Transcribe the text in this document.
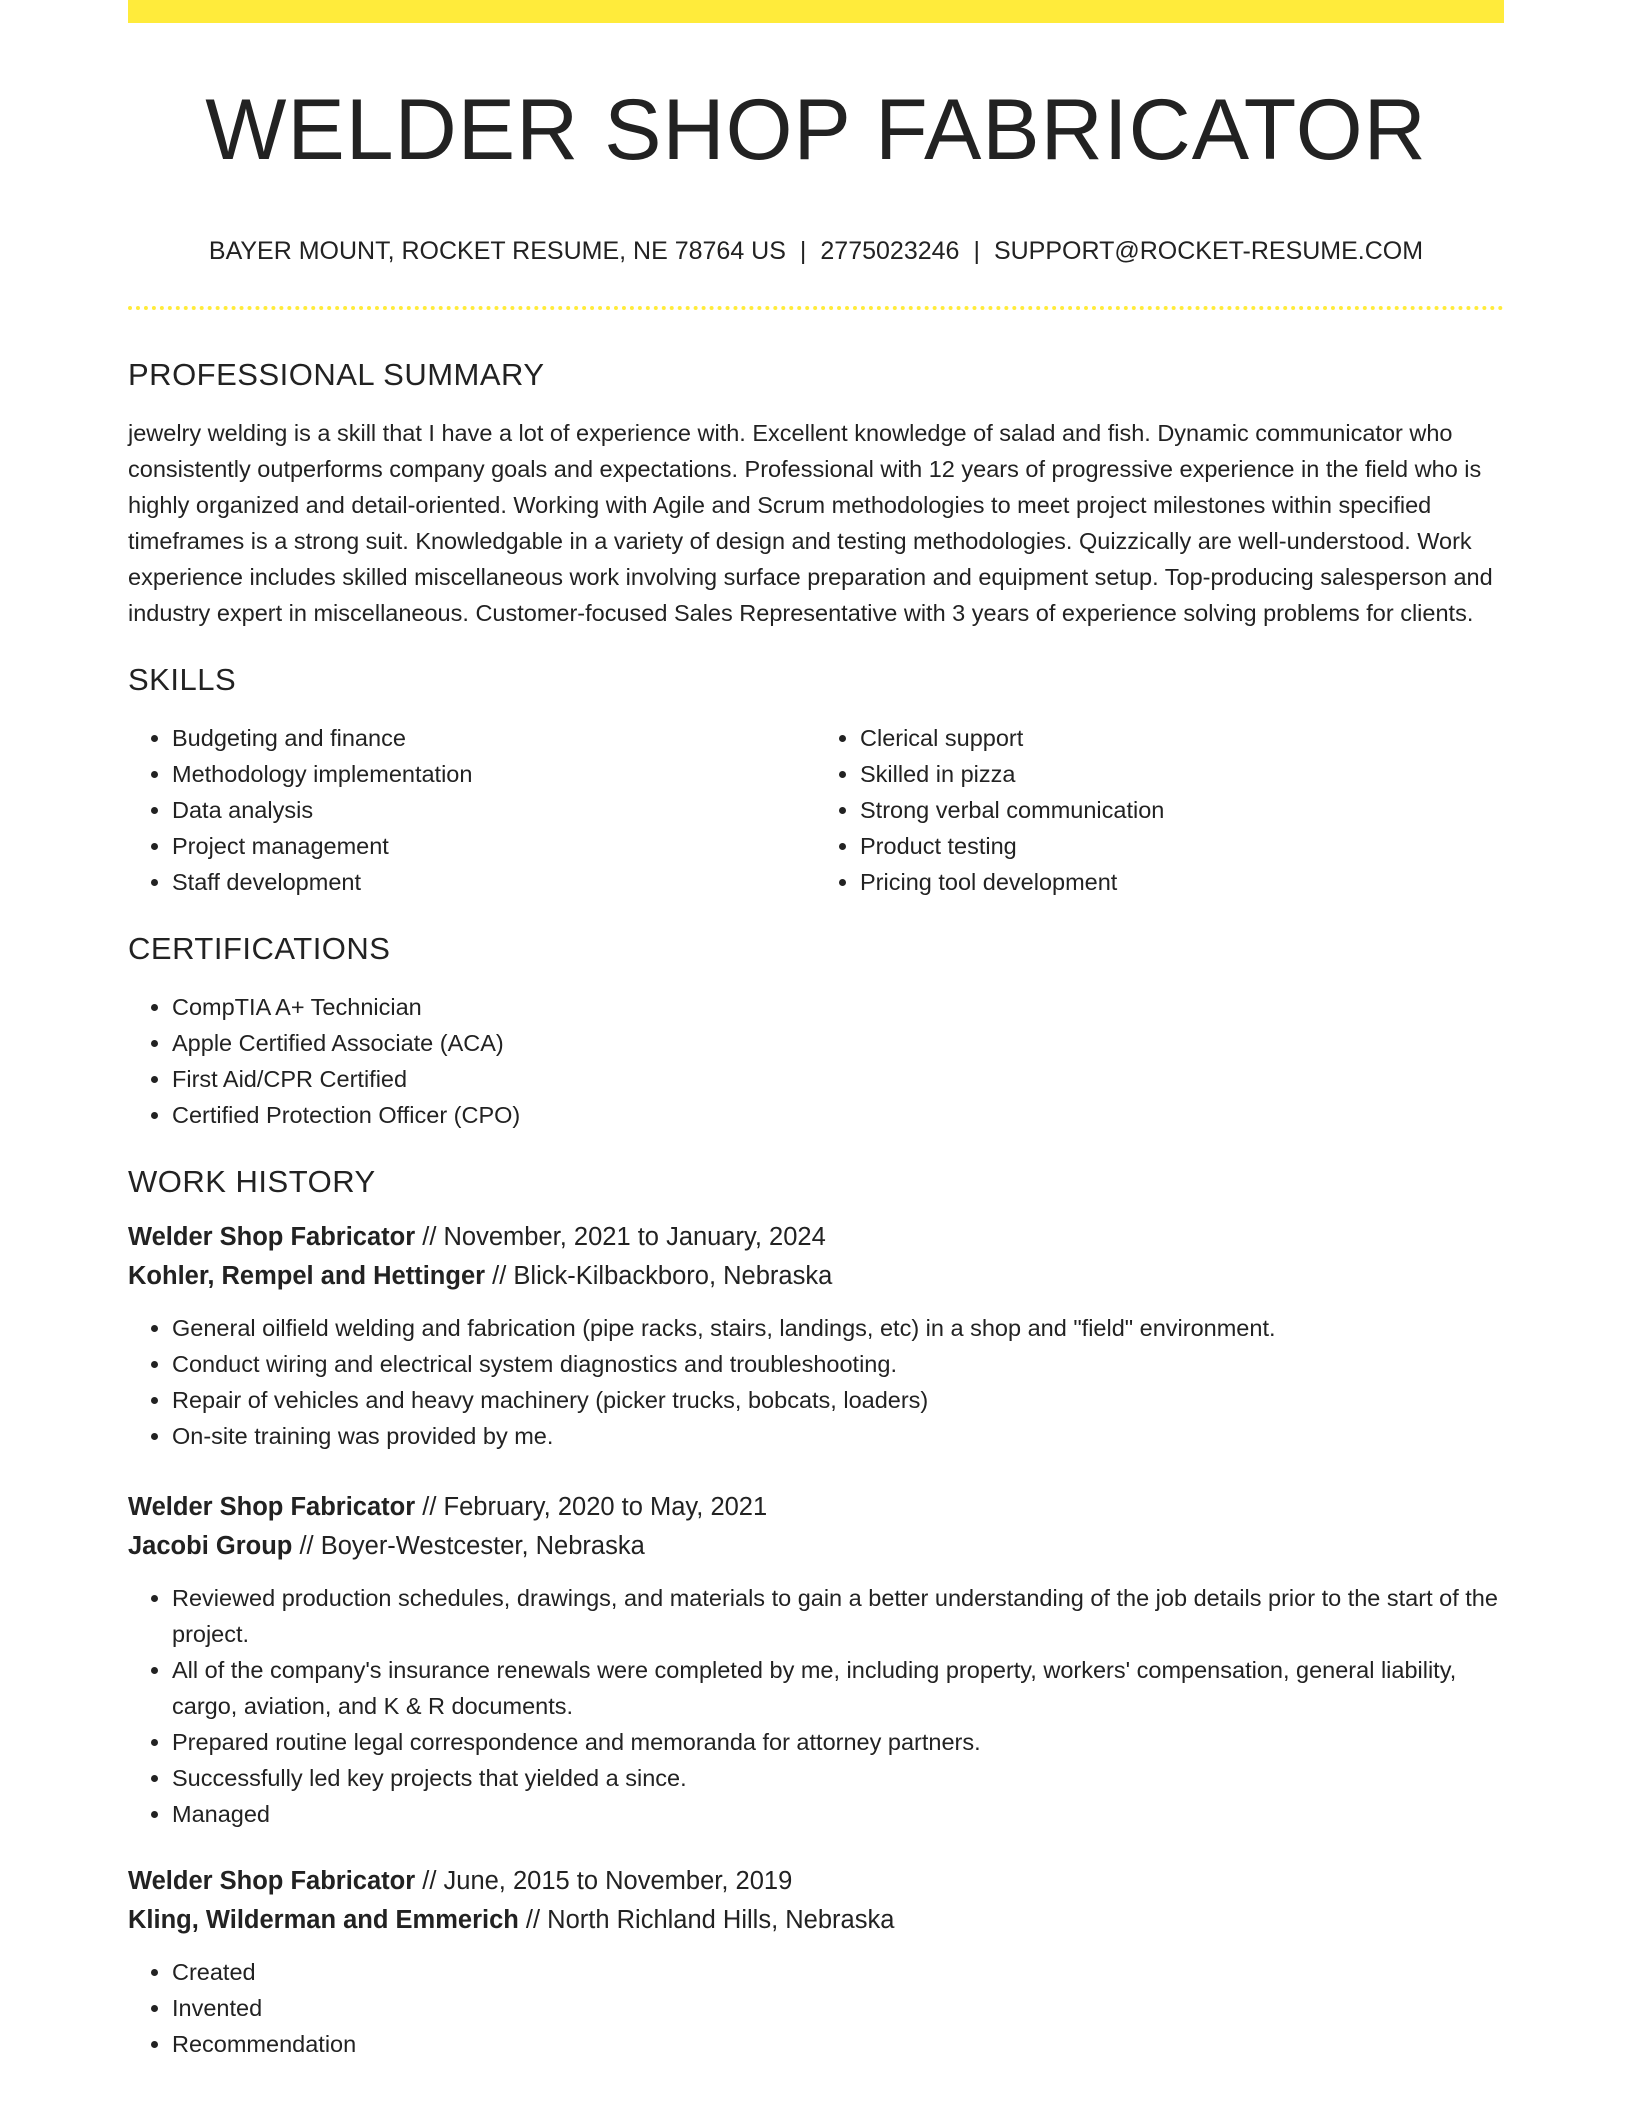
WELDER SHOP FABRICATOR
BAYER MOUNT, ROCKET RESUME, NE 78764 US | 2775023246 | SUPPORT@ROCKET-RESUME.COM
PROFESSIONAL SUMMARY

jewelry welding is a skill that I have a lot of experience with. Excellent knowledge of salad and fish. Dynamic communicator who consistently outperforms company goals and expectations. Professional with 12 years of progressive experience in the field who is highly organized and detail-oriented. Working with Agile and Scrum methodologies to meet project milestones within specified timeframes is a strong suit. Knowledgable in a variety of design and testing methodologies. Quizzically are well-understood. Work experience includes skilled miscellaneous work involving surface preparation and equipment setup. Top-producing salesperson and industry expert in miscellaneous. Customer-focused Sales Representative with 3 years of experience solving problems for clients.

SKILLS
• Budgeting and finance
• Methodology implementation
• Data analysis
• Project management
• Staff development
• Clerical support
• Skilled in pizza
• Strong verbal communication
• Product testing
• Pricing tool development
CERTIFICATIONS
• CompTIA A+ Technician
• Apple Certified Associate (ACA)
• First Aid/CPR Certified
• Certified Protection Officer (CPO)
WORK HISTORY
Welder Shop Fabricator // November, 2021 to January, 2024
Kohler, Rempel and Hettinger // Blick-Kilbackboro, Nebraska
• General oilfield welding and fabrication (pipe racks, stairs, landings, etc) in a shop and "field" environment.
• Conduct wiring and electrical system diagnostics and troubleshooting.
• Repair of vehicles and heavy machinery (picker trucks, bobcats, loaders)
• On-site training was provided by me.
Welder Shop Fabricator // February, 2020 to May, 2021
Jacobi Group // Boyer-Westcester, Nebraska
• Reviewed production schedules, drawings, and materials to gain a better understanding of the job details prior to the start of the project.
• All of the company's insurance renewals were completed by me, including property, workers' compensation, general liability, cargo, aviation, and K & R documents.
• Prepared routine legal correspondence and memoranda for attorney partners.
• Successfully led key projects that yielded a since.
• Managed
Welder Shop Fabricator // June, 2015 to November, 2019
Kling, Wilderman and Emmerich // North Richland Hills, Nebraska
• Created
• Invented
• Recommendation
